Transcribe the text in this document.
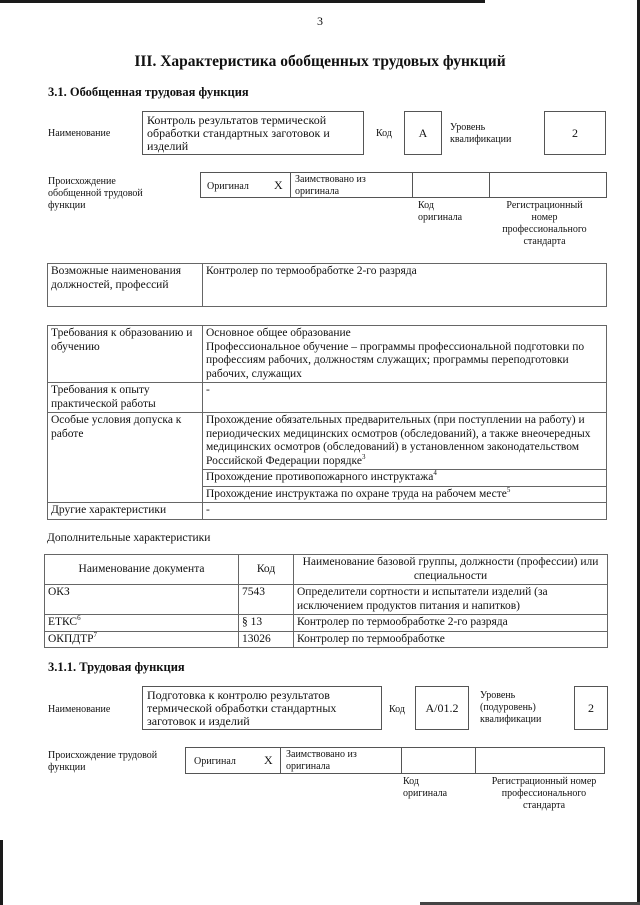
3
III. Характеристика обобщенных трудовых функций
3.1. Обобщенная трудовая функция
Наименование
Контроль результатов термической обработки стандартных заготовок и изделий
Код	А	Уровень квалификации	2
Происхождение обобщенной трудовой функции
Оригинал X Заимствовано из оригинала
Код оригинала
Регистрационный номер профессионального стандарта
Возможные наименования должностей, профессий	Контролер по термообработке 2-го разряда
Требования к образованию и обучению	Основное общее образование
Профессиональное обучение – программы профессиональной подготовки по профессиям рабочих, должностям служащих; программы переподготовки рабочих, служащих

Требования к опыту практической работы	-
Особые условия допуска к работе	Прохождение обязательных предварительных (при поступлении на работу) и периодических медицинских осмотров (обследований), а также внеочередных медицинских осмотров (обследований) в установленном законодательством Российской Федерации порядке$^3$
	Прохождение противопожарного инструктажа$^4$
	Прохождение инструктажа по охране труда на рабочем месте$^5$
Другие характеристики	-
Дополнительные характеристики
Наименование документа	Код	Наименование базовой группы, должности (профессии) или специальности
ОКЗ	7543	Определители сортности и испытатели изделий (за исключением продуктов питания и напитков)
ЕТКС$^6$	§ 13	Контролер по термообработке 2-го разряда
ОКПДТР$^7$	13026	Контролер по термообработке
3.1.1. Трудовая функция
Наименование
Подготовка к контролю результатов термической обработки стандартных заготовок и изделий
Код	А/01.2
Уровень (подуровень) квалификации
2
Происхождение трудовой функции
Оригинал X Заимствовано из оригинала
Код оригинала
Регистрационный номер профессионального стандарта
